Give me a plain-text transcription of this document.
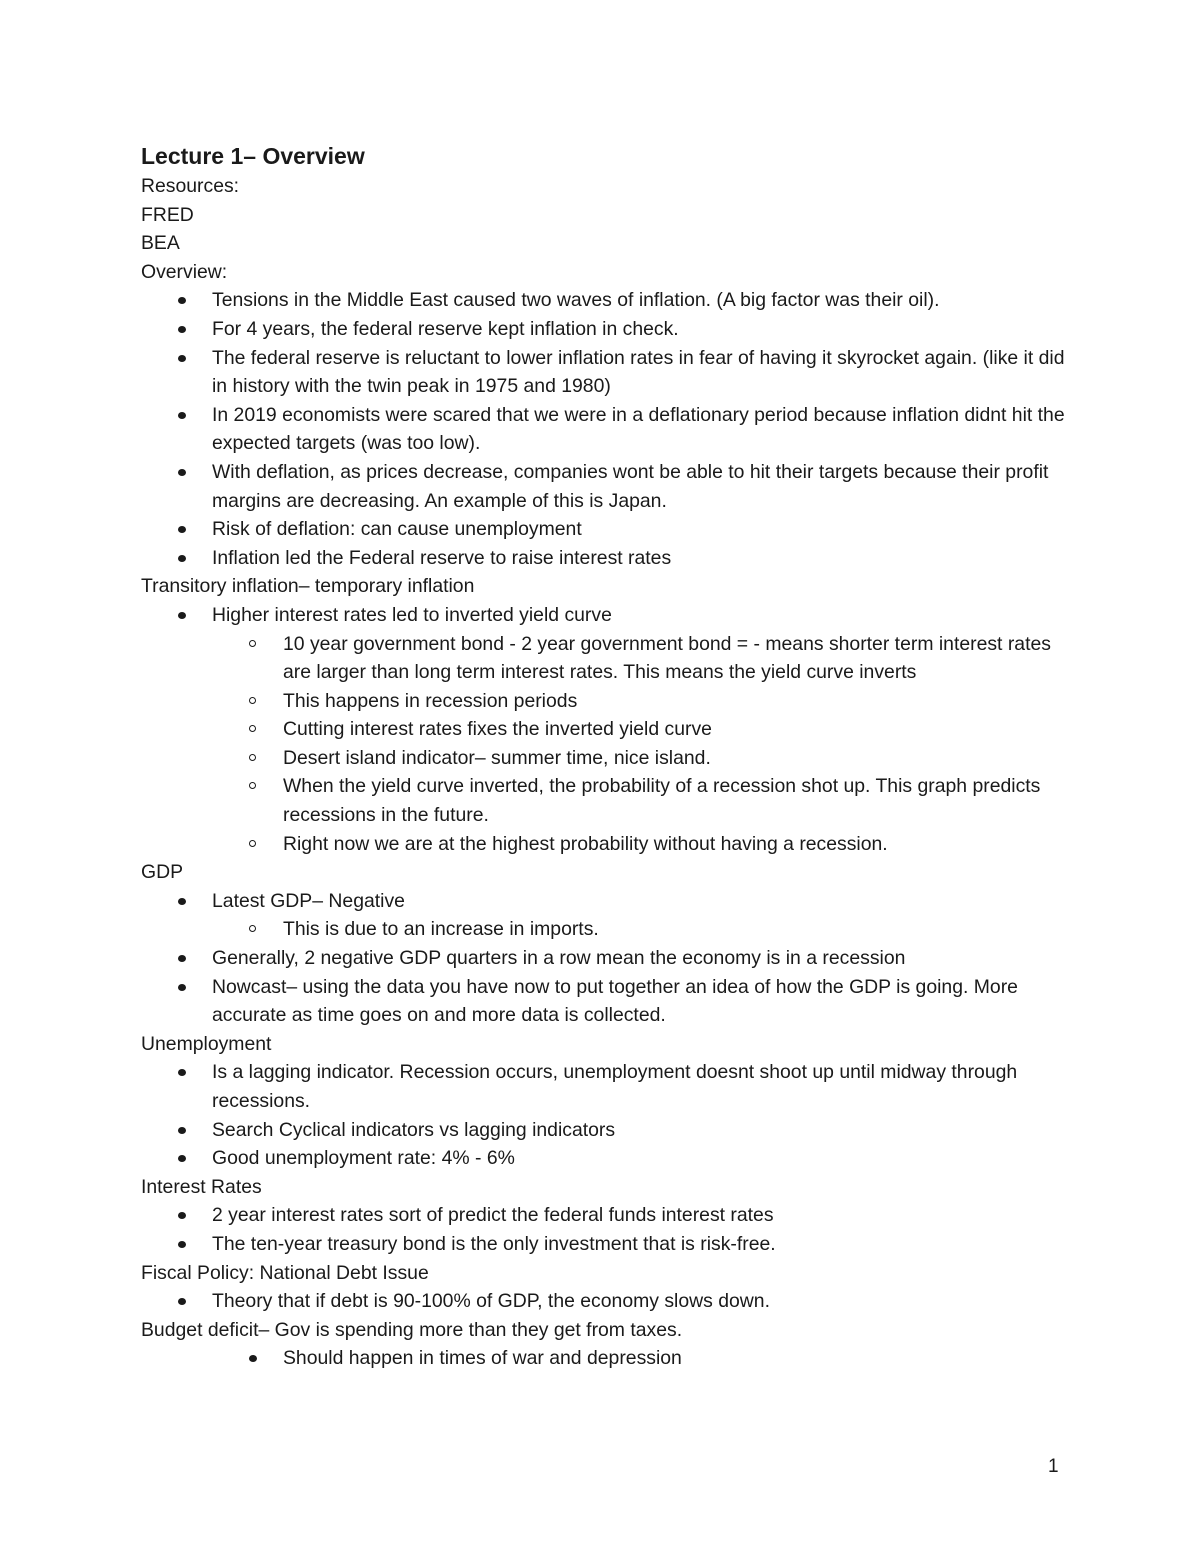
Lecture 1– Overview

Resources:

FRED

BEA

Overview:

Tensions in the Middle East caused two waves of inflation. (A big factor was their oil).
For 4 years, the federal reserve kept inflation in check.
The federal reserve is reluctant to lower inflation rates in fear of having it skyrocket again. (like it did in history with the twin peak in 1975 and 1980)
In 2019 economists were scared that we were in a deflationary period because inflation didnt hit the expected targets (was too low).
With deflation, as prices decrease, companies wont be able to hit their targets because their profit margins are decreasing. An example of this is Japan.
Risk of deflation: can cause unemployment
Inflation led the Federal reserve to raise interest rates

Transitory inflation– temporary inflation

Higher interest rates led to inverted yield curve
10 year government bond - 2 year government bond = - means shorter term interest rates are larger than long term interest rates. This means the yield curve inverts
This happens in recession periods
Cutting interest rates fixes the inverted yield curve
Desert island indicator– summer time, nice island.
When the yield curve inverted, the probability of a recession shot up. This graph predicts recessions in the future.
Right now we are at the highest probability without having a recession.

GDP

Latest GDP– Negative
This is due to an increase in imports.
Generally, 2 negative GDP quarters in a row mean the economy is in a recession
Nowcast– using the data you have now to put together an idea of how the GDP is going. More accurate as time goes on and more data is collected.

Unemployment

Is a lagging indicator. Recession occurs, unemployment doesnt shoot up until midway through recessions.
Search Cyclical indicators vs lagging indicators
Good unemployment rate: 4% - 6%

Interest Rates

2 year interest rates sort of predict the federal funds interest rates
The ten-year treasury bond is the only investment that is risk-free.

Fiscal Policy: National Debt Issue

Theory that if debt is 90-100% of GDP, the economy slows down.

Budget deficit– Gov is spending more than they get from taxes.

Should happen in times of war and depression
1
